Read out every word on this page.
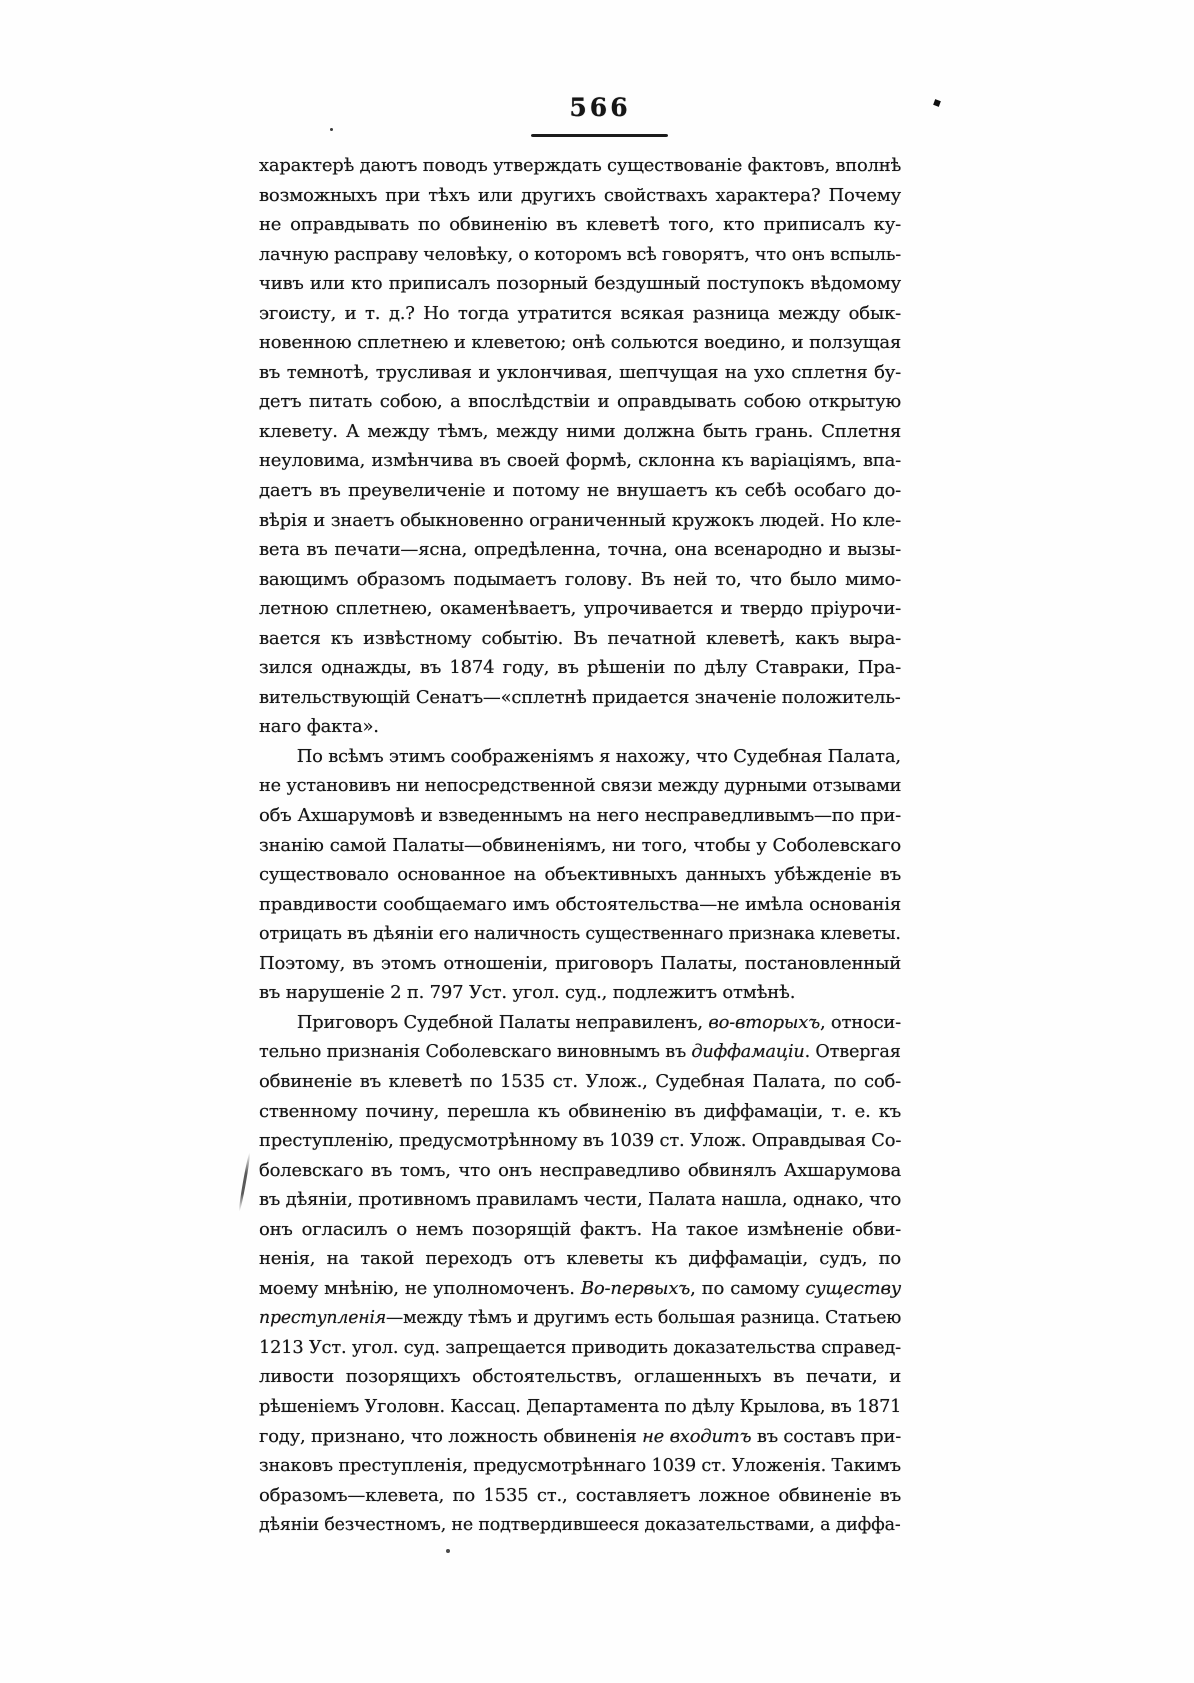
566
характерѣ даютъ поводъ утверждать существованіе фактовъ, вполнѣ
возможныхъ при тѣхъ или другихъ свойствахъ характера? Почему
не оправдывать по обвиненію въ клеветѣ того, кто приписалъ ку-
лачную расправу человѣку, о которомъ всѣ говорятъ, что онъ вспыль-
чивъ или кто приписалъ позорный бездушный поступокъ вѣдомому
эгоисту, и т. д.? Но тогда утратится всякая разница между обык-
новенною сплетнею и клеветою; онѣ сольются воедино, и ползущая
въ темнотѣ, трусливая и уклончивая, шепчущая на ухо сплетня бу-
детъ питать собою, а впослѣдствіи и оправдывать собою открытую
клевету. А между тѣмъ, между ними должна быть грань. Сплетня
неуловима, измѣнчива въ своей формѣ, склонна къ варіаціямъ, впа-
даетъ въ преувеличеніе и потому не внушаетъ къ себѣ особаго до-
вѣрія и знаетъ обыкновенно ограниченный кружокъ людей. Но кле-
вета въ печати—ясна, опредѣленна, точна, она всенародно и вызы-
вающимъ образомъ подымаетъ голову. Въ ней то, что было мимо-
летною сплетнею, окаменѣваетъ, упрочивается и твердо пріурочи-
вается къ извѣстному событію. Въ печатной клеветѣ, какъ выра-
зился однажды, въ 1874 году, въ рѣшеніи по дѣлу Ставраки, Пра-
вительствующій Сенатъ—«сплетнѣ придается значеніе положитель-
наго факта».
По всѣмъ этимъ соображеніямъ я нахожу, что Судебная Палата,
не установивъ ни непосредственной связи между дурными отзывами
объ Ахшарумовѣ и взведеннымъ на него несправедливымъ—по при-
знанію самой Палаты—обвиненіямъ, ни того, чтобы у Соболевскаго
существовало основанное на объективныхъ данныхъ убѣжденіе въ
правдивости сообщаемаго имъ обстоятельства—не имѣла основанія
отрицать въ дѣяніи его наличность существеннаго признака клеветы.
Поэтому, въ этомъ отношеніи, приговоръ Палаты, постановленный
въ нарушеніе 2 п. 797 Уст. угол. суд., подлежитъ отмѣнѣ.
Приговоръ Судебной Палаты неправиленъ, во-вторыхъ, относи-
тельно признанія Соболевскаго виновнымъ въ диффамаціи. Отвергая
обвиненіе въ клеветѣ по 1535 ст. Улож., Судебная Палата, по соб-
ственному почину, перешла къ обвиненію въ диффамаціи, т. е. къ
преступленію, предусмотрѣнному въ 1039 ст. Улож. Оправдывая Со-
болевскаго въ томъ, что онъ несправедливо обвинялъ Ахшарумова
въ дѣяніи, противномъ правиламъ чести, Палата нашла, однако, что
онъ огласилъ о немъ позорящій фактъ. На такое измѣненіе обви-
ненія, на такой переходъ отъ клеветы къ диффамаціи, судъ, по
моему мнѣнію, не уполномоченъ. Во-первыхъ, по самому существу
преступленія—между тѣмъ и другимъ есть большая разница. Статьею
1213 Уст. угол. суд. запрещается приводить доказательства справед-
ливости позорящихъ обстоятельствъ, оглашенныхъ въ печати, и
рѣшеніемъ Уголовн. Кассац. Департамента по дѣлу Крылова, въ 1871
году, признано, что ложность обвиненія не входитъ въ составъ при-
знаковъ преступленія, предусмотрѣннаго 1039 ст. Уложенія. Такимъ
образомъ—клевета, по 1535 ст., составляетъ ложное обвиненіе въ
дѣяніи безчестномъ, не подтвердившееся доказательствами, а диффа-
